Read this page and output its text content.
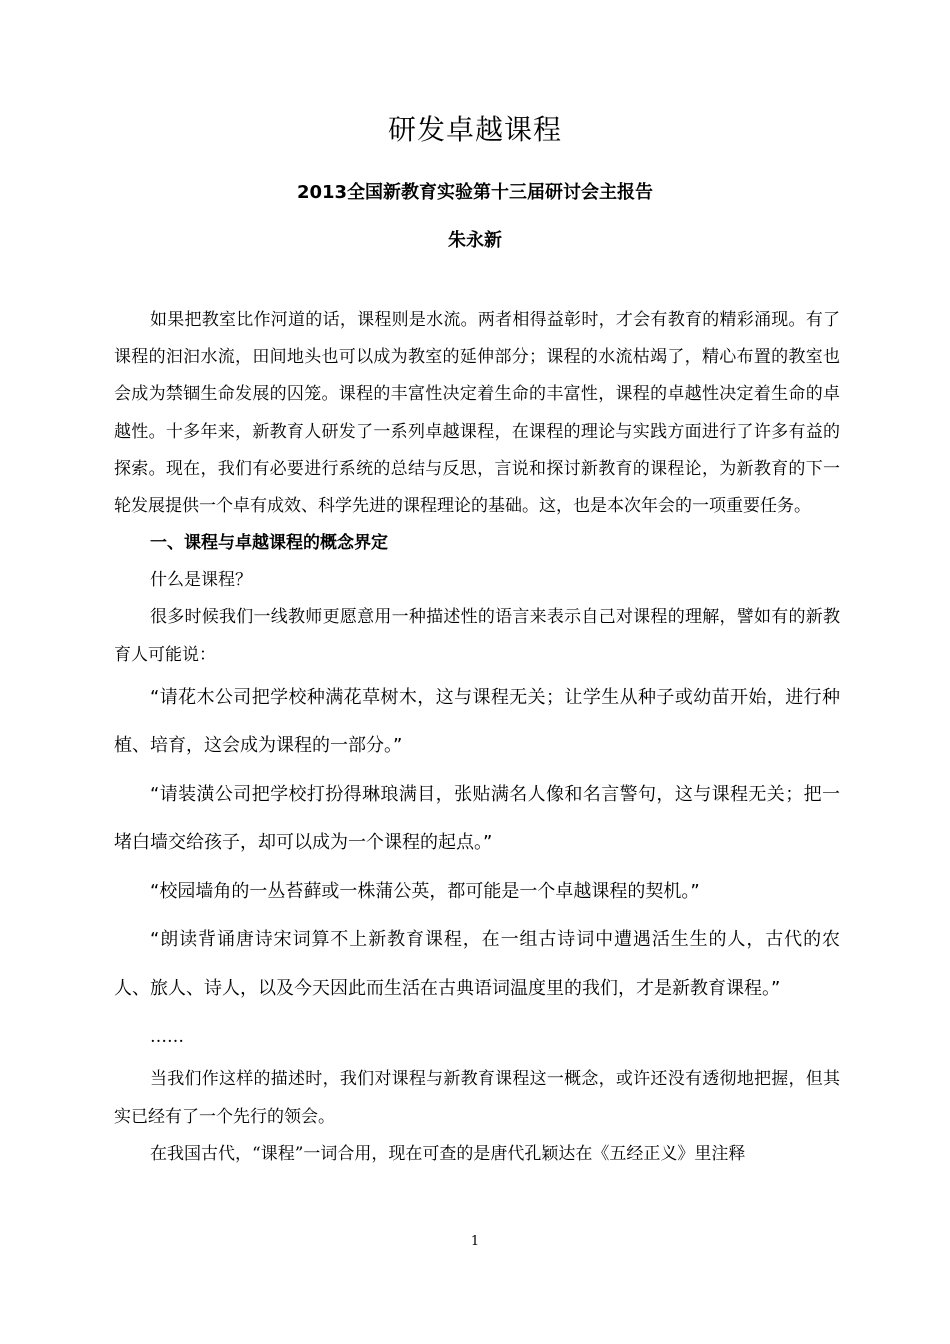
研发卓越课程
2013全国新教育实验第十三届研讨会主报告
朱永新

如果把教室比作河道的话，课程则是水流。两者相得益彰时，才会有教育的精彩涌现。有了课程的汩汩水流，田间地头也可以成为教室的延伸部分；课程的水流枯竭了，精心布置的教室也会成为禁锢生命发展的囚笼。课程的丰富性决定着生命的丰富性，课程的卓越性决定着生命的卓越性。十多年来，新教育人研发了一系列卓越课程，在课程的理论与实践方面进行了许多有益的探索。现在，我们有必要进行系统的总结与反思，言说和探讨新教育的课程论，为新教育的下一轮发展提供一个卓有成效、科学先进的课程理论的基础。这，也是本次年会的一项重要任务。

一、课程与卓越课程的概念界定

什么是课程？

很多时候我们一线教师更愿意用一种描述性的语言来表示自己对课程的理解，譬如有的新教育人可能说：

“请花木公司把学校种满花草树木，这与课程无关；让学生从种子或幼苗开始，进行种植、培育，这会成为课程的一部分。”

“请装潢公司把学校打扮得琳琅满目，张贴满名人像和名言警句，这与课程无关；把一堵白墙交给孩子，却可以成为一个课程的起点。”

“校园墙角的一丛苔藓或一株蒲公英，都可能是一个卓越课程的契机。”

“朗读背诵唐诗宋词算不上新教育课程，在一组古诗词中遭遇活生生的人，古代的农人、旅人、诗人，以及今天因此而生活在古典语词温度里的我们，才是新教育课程。”

……

当我们作这样的描述时，我们对课程与新教育课程这一概念，或许还没有透彻地把握，但其实已经有了一个先行的领会。

在我国古代，“课程”一词合用，现在可查的是唐代孔颖达在《五经正义》里注释

1
